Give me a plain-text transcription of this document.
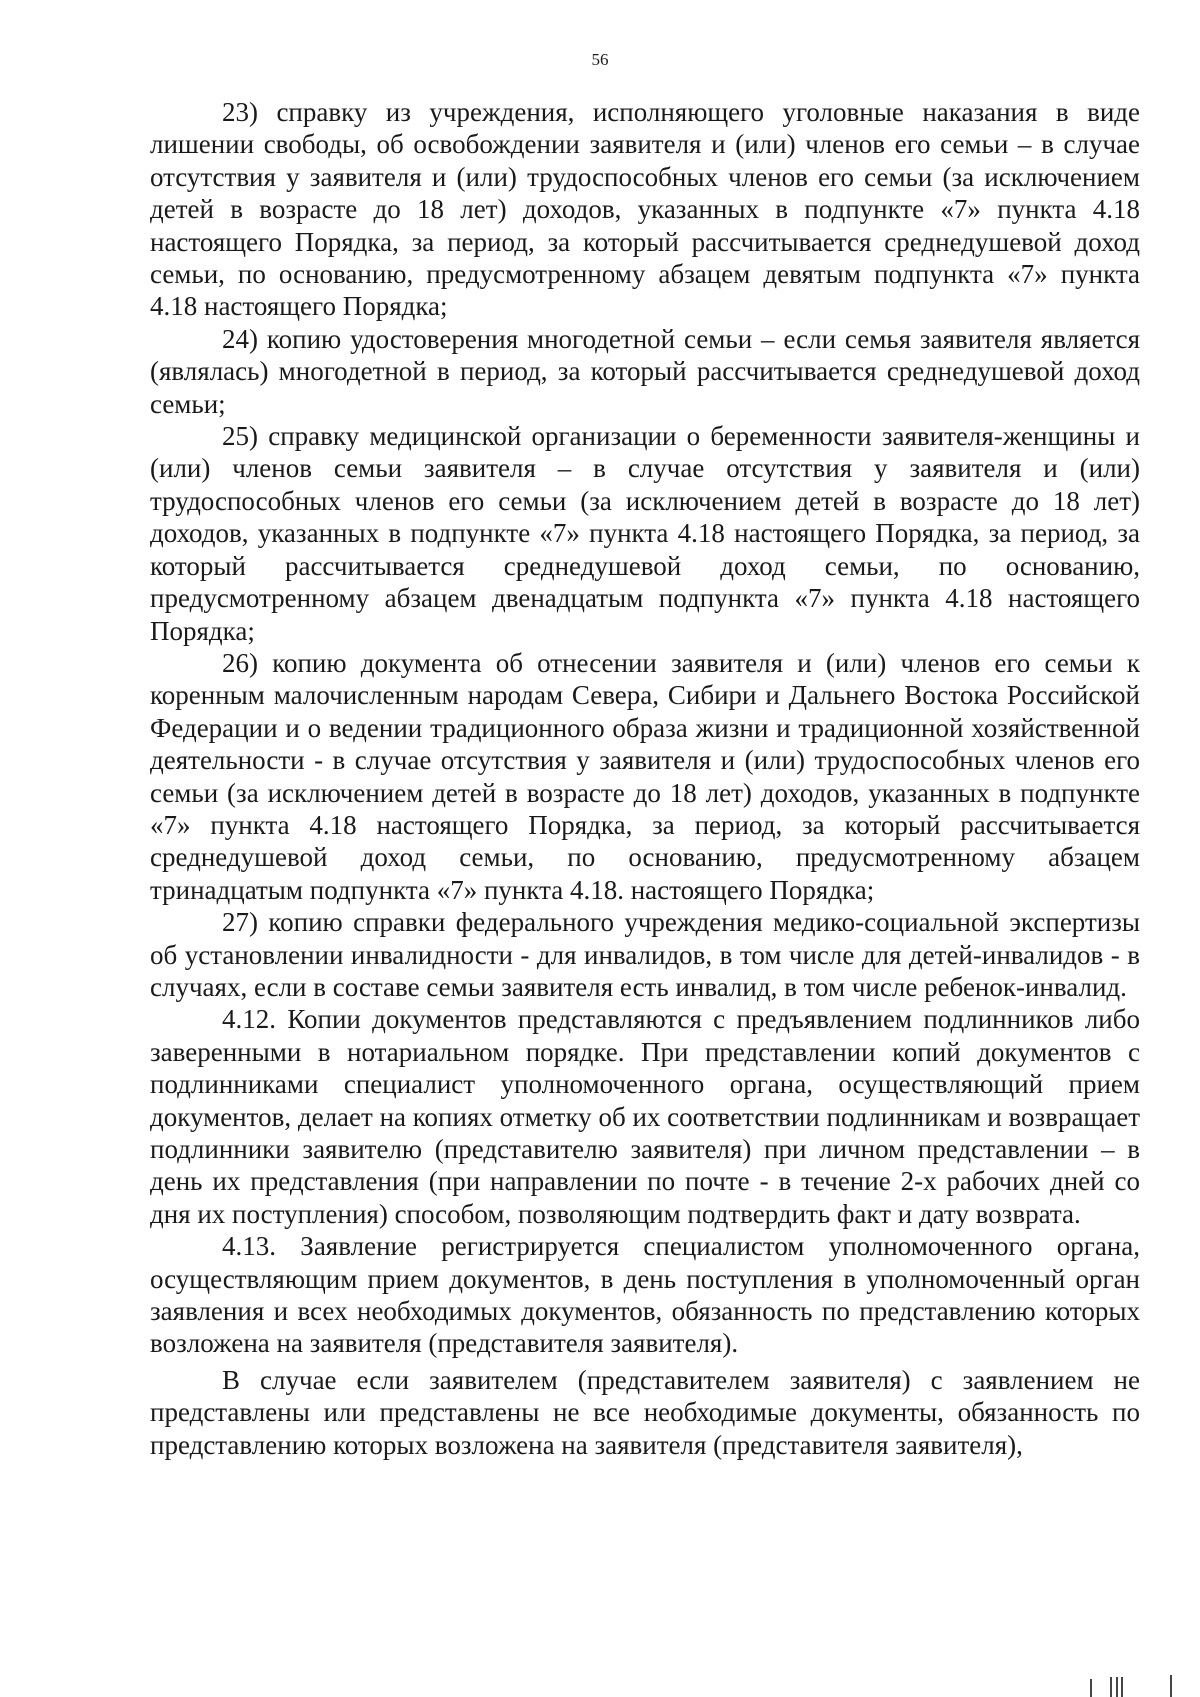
56

23) справку из учреждения, исполняющего уголовные наказания в виде лишении свободы, об освобождении заявителя и (или) членов его семьи – в случае отсутствия у заявителя и (или) трудоспособных членов его семьи (за исключением детей в возрасте до 18 лет) доходов, указанных в подпункте «7» пункта 4.18 настоящего Порядка, за период, за который рассчитывается среднедушевой доход семьи, по основанию, предусмотренному абзацем девятым подпункта «7» пункта 4.18 настоящего Порядка;

24) копию удостоверения многодетной семьи – если семья заявителя является (являлась) многодетной в период, за который рассчитывается среднедушевой доход семьи;

25) справку медицинской организации о беременности заявителя-женщины и (или) членов семьи заявителя – в случае отсутствия у заявителя и (или) трудоспособных членов его семьи (за исключением детей в возрасте до 18 лет) доходов, указанных в подпункте «7» пункта 4.18 настоящего Порядка, за период, за который рассчитывается среднедушевой доход семьи, по основанию, предусмотренному абзацем двенадцатым подпункта «7» пункта 4.18 настоящего Порядка;

26) копию документа об отнесении заявителя и (или) членов его семьи к коренным малочисленным народам Севера, Сибири и Дальнего Востока Российской Федерации и о ведении традиционного образа жизни и традиционной хозяйственной деятельности - в случае отсутствия у заявителя и (или) трудоспособных членов его семьи (за исключением детей в возрасте до 18 лет) доходов, указанных в подпункте «7» пункта 4.18 настоящего Порядка, за период, за который рассчитывается среднедушевой доход семьи, по основанию, предусмотренному абзацем тринадцатым подпункта «7» пункта 4.18. настоящего Порядка;

27) копию справки федерального учреждения медико-социальной экспертизы об установлении инвалидности - для инвалидов, в том числе для детей-инвалидов - в случаях, если в составе семьи заявителя есть инвалид, в том числе ребенок-инвалид.

4.12. Копии документов представляются с предъявлением подлинников либо заверенными в нотариальном порядке. При представлении копий документов с подлинниками специалист уполномоченного органа, осуществляющий прием документов, делает на копиях отметку об их соответствии подлинникам и возвращает подлинники заявителю (представителю заявителя) при личном представлении – в день их представления (при направлении по почте - в течение 2-х рабочих дней со дня их поступления) способом, позволяющим подтвердить факт и дату возврата.

4.13. Заявление регистрируется специалистом уполномоченного органа, осуществляющим прием документов, в день поступления в уполномоченный орган заявления и всех необходимых документов, обязанность по представлению которых возложена на заявителя (представителя заявителя).

В случае если заявителем (представителем заявителя) с заявлением не представлены или представлены не все необходимые документы, обязанность по представлению которых возложена на заявителя (представителя заявителя),
